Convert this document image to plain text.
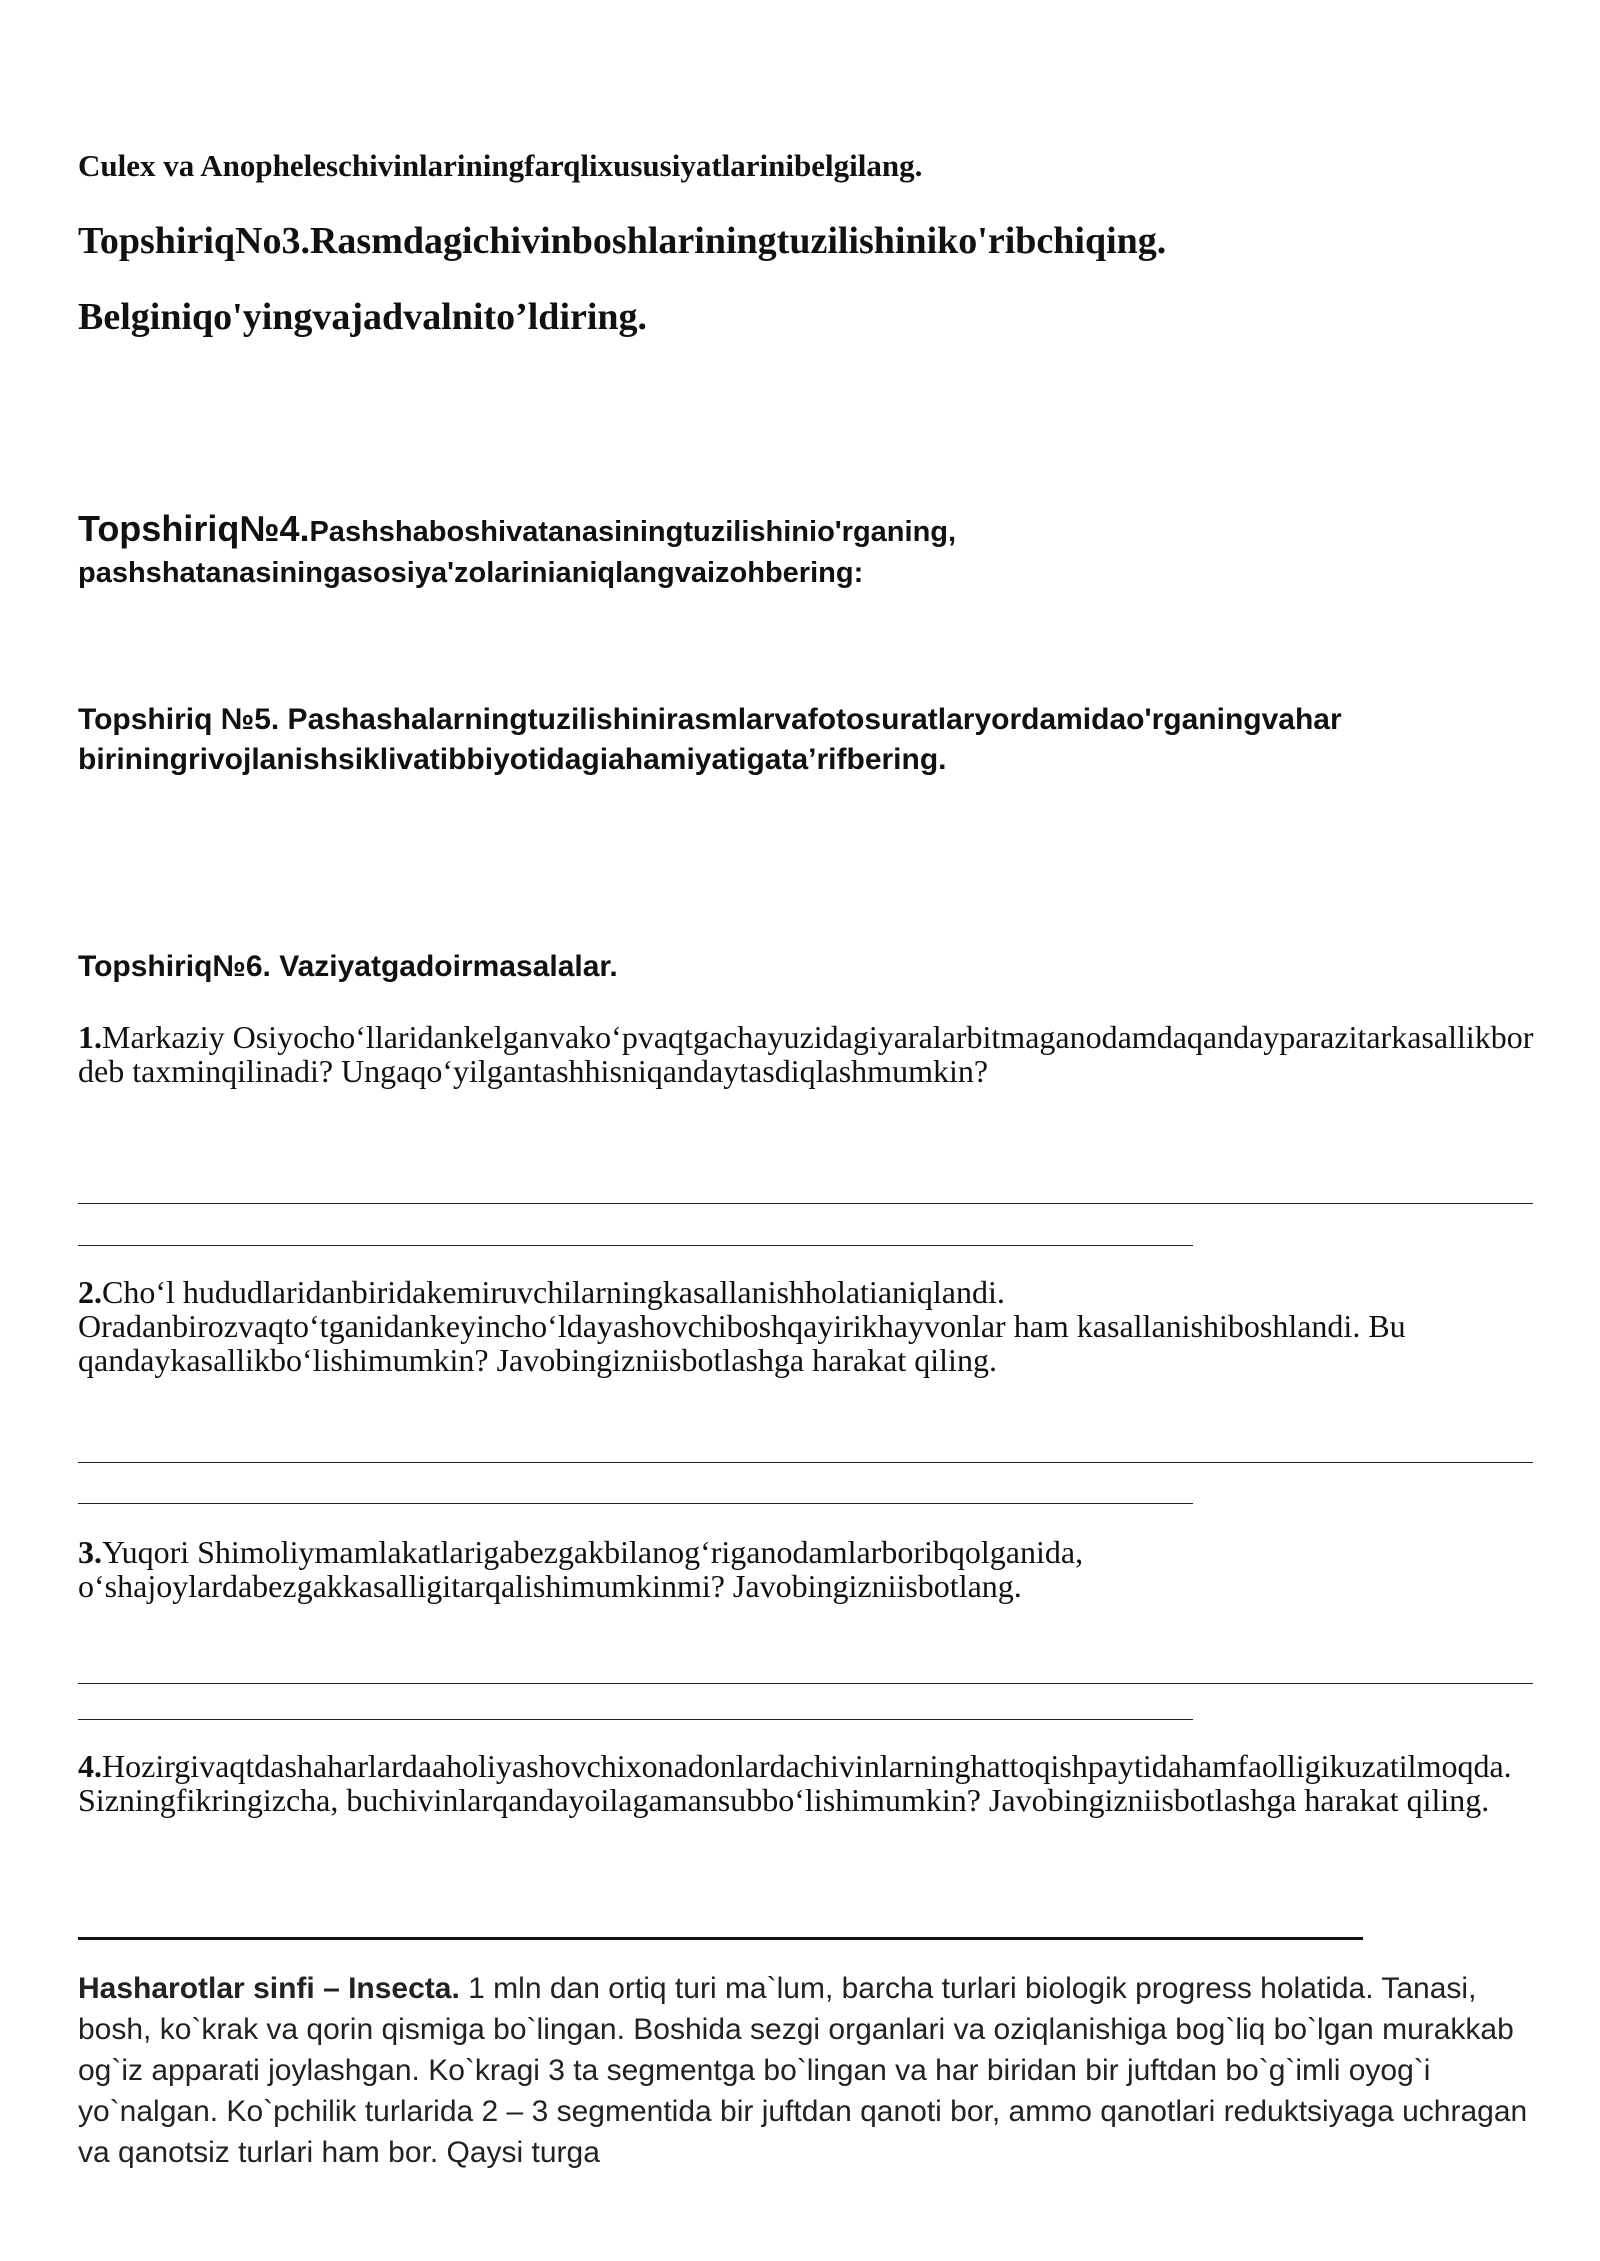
Culex va Anopheleschivinlariningfarqlixususiyatlarinibelgilang.
TopshiriqNo3.Rasmdagichivinboshlariningtuzilishiniko'ribchiqing.
Belginiqo'yingvajadvalnito’ldiring.
Topshiriq№4.Pashshaboshivatanasiningtuzilishinio'rganing, pashshatanasiningasosiya'zolarinianiqlangvaizohbering:
Topshiriq №5. Pashashalarningtuzilishinirasmlarvafotosuratlaryordamidao'rganingvahar biriningrivojlanishsiklivatibbiyotidagiahamiyatigata’rifbering.
Topshiriq№6. Vaziyatgadoirmasalalar.
1.Markaziy Osiyocho‘llaridankelganvako‘pvaqtgachayuzidagiyaralarbitmaganodamdaqandayparazitarkasallikbor deb taxminqilinadi? Ungaqo‘yilgantashhisniqandaytasdiqlashmumkin?
2.Cho‘l hududlaridanbiridakemiruvchilarningkasallanishholatianiqlandi. Oradanbirozvaqto‘tganidankeyincho‘ldayashovchiboshqayirikhayvonlar ham kasallanishiboshlandi. Bu qandaykasallikbo‘lishimumkin? Javobingizniisbotlashga harakat qiling.
3.Yuqori Shimoliymamlakatlarigabezgakbilanog‘riganodamlarboribqolganida, o‘shajoylardabezgakkasalligitarqalishimumkinmi? Javobingizniisbotlang.
4.Hozirgivaqtdashaharlardaaholiyashovchixonadonlardachivinlarninghattoqishpaytidahamfaolligikuzatilmoqda. Sizningfikringizcha, buchivinlarqandayoilagamansubbo‘lishimumkin? Javobingizniisbotlashga harakat qiling.
Hasharotlar sinfi – Insecta. 1 mln dan ortiq turi ma`lum, barcha turlari biologik progress holatida. Tanasi, bosh, ko`krak va qorin qismiga bo`lingan. Boshida sezgi organlari va oziqlanishiga bog`liq bo`lgan murakkab og`iz apparati joylashgan. Ko`kragi 3 ta segmentga bo`lingan va har biridan bir juftdan bo`g`imli oyog`i yo`nalgan. Ko`pchilik turlarida 2 – 3 segmentida bir juftdan qanoti bor, ammo qanotlari reduktsiyaga uchragan va qanotsiz turlari ham bor. Qaysi turga
